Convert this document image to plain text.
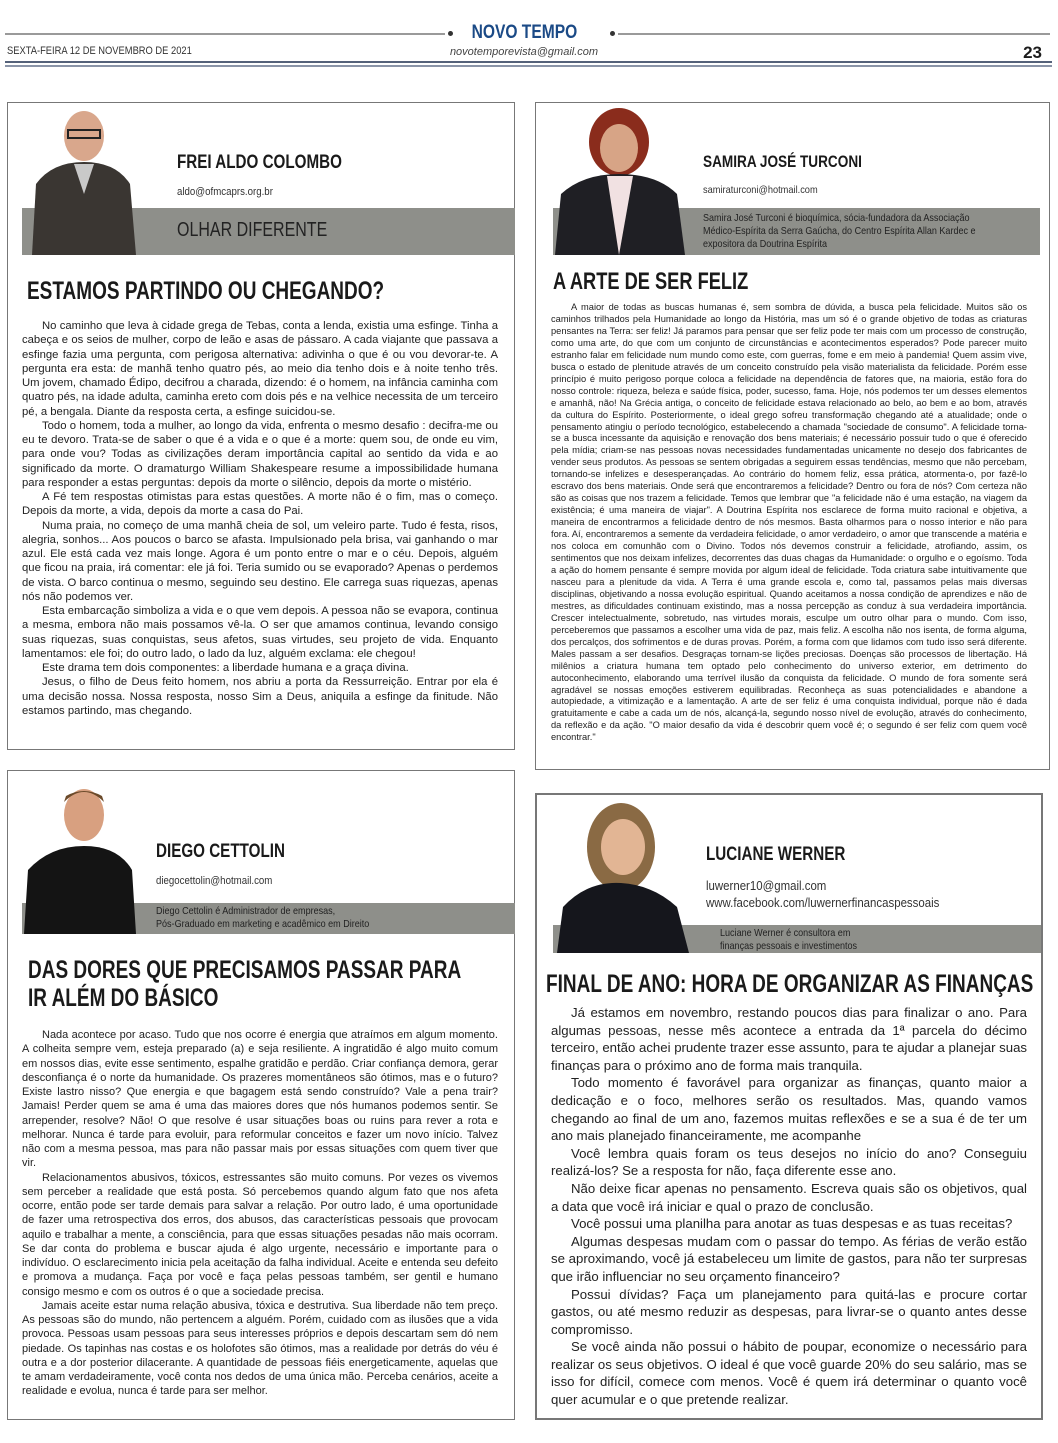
NOVO TEMPO
SEXTA-FEIRA 12 DE NOVEMBRO DE 2021	novotemporevista@gmail.com	23
FREI ALDO COLOMBO
aldo@ofmcaprs.org.br
OLHAR DIFERENTE
ESTAMOS PARTINDO OU CHEGANDO?

No caminho que leva à cidade grega de Tebas, conta a lenda, existia uma esfinge. Tinha a cabeça e os seios de mulher, corpo de leão e asas de pássaro. A cada viajante que passava a esfinge fazia uma pergunta, com perigosa alternativa: adivinha o que é ou vou devorar-te. A pergunta era esta: de manhã tenho quatro pés, ao meio dia tenho dois e à noite tenho três. Um jovem, chamado Édipo, decifrou a charada, dizendo: é o homem, na infância caminha com quatro pés, na idade adulta, caminha ereto com dois pés e na velhice necessita de um terceiro pé, a bengala. Diante da resposta certa, a esfinge suicidou-se.

Todo o homem, toda a mulher, ao longo da vida, enfrenta o mesmo desafio : decifra-me ou eu te devoro. Trata-se de saber o que é a vida e o que é a morte: quem sou, de onde eu vim, para onde vou? Todas as civilizações deram importância capital ao sentido da vida e ao significado da morte. O dramaturgo William Shakespeare resume a impossibilidade humana para responder a estas perguntas: depois da morte o silêncio, depois da morte o mistério.

A Fé tem respostas otimistas para estas questões. A morte não é o fim, mas o começo. Depois da morte, a vida, depois da morte a casa do Pai.

Numa praia, no começo de uma manhã cheia de sol, um veleiro parte. Tudo é festa, risos, alegria, sonhos... Aos poucos o barco se afasta. Impulsionado pela brisa, vai ganhando o mar azul. Ele está cada vez mais longe. Agora é um ponto entre o mar e o céu. Depois, alguém que ficou na praia, irá comentar: ele já foi. Teria sumido ou se evaporado? Apenas o perdemos de vista. O barco continua o mesmo, seguindo seu destino. Ele carrega suas riquezas, apenas nós não podemos ver.

Esta embarcação simboliza a vida e o que vem depois. A pessoa não se evapora, continua a mesma, embora não mais possamos vê-la. O ser que amamos continua, levando consigo suas riquezas, suas conquistas, seus afetos, suas virtudes, seu projeto de vida. Enquanto lamentamos: ele foi; do outro lado, o lado da luz, alguém exclama: ele chegou!

Este drama tem dois componentes: a liberdade humana e a graça divina.

Jesus, o filho de Deus feito homem, nos abriu a porta da Ressurreição. Entrar por ela é uma decisão nossa. Nossa resposta, nosso Sim a Deus, aniquila a esfinge da finitude. Não estamos partindo, mas chegando.

SAMIRA JOSÉ TURCONI
samiraturconi@hotmail.com
Samira José Turconi é bioquímica, sócia-fundadora da Associação
Médico-Espírita da Serra Gaúcha, do Centro Espírita Allan Kardec e
expositora da Doutrina Espírita
A ARTE DE SER FELIZ

A maior de todas as buscas humanas é, sem sombra de dúvida, a busca pela felicidade. Muitos são os caminhos trilhados pela Humanidade ao longo da História, mas um só é o grande objetivo de todas as criaturas pensantes na Terra: ser feliz! Já paramos para pensar que ser feliz pode ter mais com um processo de construção, como uma arte, do que com um conjunto de circunstâncias e acontecimentos esperados? Pode parecer muito estranho falar em felicidade num mundo como este, com guerras, fome e em meio à pandemia! Quem assim vive, busca o estado de plenitude através de um conceito construído pela visão materialista da felicidade. Porém esse princípio é muito perigoso porque coloca a felicidade na dependência de fatores que, na maioria, estão fora do nosso controle: riqueza, beleza e saúde física, poder, sucesso, fama. Hoje, nós podemos ter um desses elementos e amanhã, não! Na Grécia antiga, o conceito de felicidade estava relacionado ao belo, ao bem e ao bom, através da cultura do Espírito. Posteriormente, o ideal grego sofreu transformação chegando até a atualidade; onde o pensamento atingiu o período tecnológico, estabelecendo a chamada "sociedade de consumo". A felicidade torna-se a busca incessante da aquisição e renovação dos bens materiais; é necessário possuir tudo o que é oferecido pela mídia; criam-se nas pessoas novas necessidades fundamentadas unicamente no desejo dos fabricantes de vender seus produtos. As pessoas se sentem obrigadas a seguirem essas tendências, mesmo que não percebam, tornando-se infelizes e desesperançadas. Ao contrário do homem feliz, essa prática, atormenta-o, por fazê-lo escravo dos bens materiais. Onde será que encontraremos a felicidade? Dentro ou fora de nós? Com certeza não são as coisas que nos trazem a felicidade. Temos que lembrar que "a felicidade não é uma estação, na viagem da existência; é uma maneira de viajar". A Doutrina Espírita nos esclarece de forma muito racional e objetiva, a maneira de encontrarmos a felicidade dentro de nós mesmos. Basta olharmos para o nosso interior e não para fora. Aí, encontraremos a semente da verdadeira felicidade, o amor verdadeiro, o amor que transcende a matéria e nos coloca em comunhão com o Divino. Todos nós devemos construir a felicidade, atrofiando, assim, os sentimentos que nos deixam infelizes, decorrentes das duas chagas da Humanidade: o orgulho e o egoísmo. Toda a ação do homem pensante é sempre movida por algum ideal de felicidade. Toda criatura sabe intuitivamente que nasceu para a plenitude da vida. A Terra é uma grande escola e, como tal, passamos pelas mais diversas disciplinas, objetivando a nossa evolução espiritual. Quando aceitamos a nossa condição de aprendizes e não de mestres, as dificuldades continuam existindo, mas a nossa percepção as conduz à sua verdadeira importância. Crescer intelectualmente, sobretudo, nas virtudes morais, esculpe um outro olhar para o mundo. Com isso, perceberemos que passamos a escolher uma vida de paz, mais feliz. A escolha não nos isenta, de forma alguma, dos percalços, dos sofrimentos e de duras provas. Porém, a forma com que lidamos com tudo isso será diferente. Males passam a ser desafios. Desgraças tornam-se lições preciosas. Doenças são processos de libertação. Há milênios a criatura humana tem optado pelo conhecimento do universo exterior, em detrimento do autoconhecimento, elaborando uma terrível ilusão da conquista da felicidade. O mundo de fora somente será agradável se nossas emoções estiverem equilibradas. Reconheça as suas potencialidades e abandone a autopiedade, a vitimização e a lamentação. A arte de ser feliz é uma conquista individual, porque não é dada gratuitamente e cabe a cada um de nós, alcançá-la, segundo nosso nível de evolução, através do conhecimento, da reflexão e da ação. "O maior desafio da vida é descobrir quem você é; o segundo é ser feliz com quem você encontrar."

DIEGO CETTOLIN
diegocettolin@hotmail.com
Diego Cettolin é Administrador de empresas,
Pós-Graduado em marketing e acadêmico em Direito
DAS DORES QUE PRECISAMOS PASSAR PARA
IR ALÉM DO BÁSICO

Nada acontece por acaso. Tudo que nos ocorre é energia que atraímos em algum momento. A colheita sempre vem, esteja preparado (a) e seja resiliente. A ingratidão é algo muito comum em nossos dias, evite esse sentimento, espalhe gratidão e perdão. Criar confiança demora, gerar desconfiança é o norte da humanidade. Os prazeres momentâneos são ótimos, mas e o futuro? Existe lastro nisso? Que energia e que bagagem está sendo construído? Vale a pena trair? Jamais! Perder quem se ama é uma das maiores dores que nós humanos podemos sentir. Se arrepender, resolve? Não! O que resolve é usar situações boas ou ruins para rever a rota e melhorar. Nunca é tarde para evoluir, para reformular conceitos e fazer um novo início. Talvez não com a mesma pessoa, mas para não passar mais por essas situações com quem tiver que vir.

Relacionamentos abusivos, tóxicos, estressantes são muito comuns. Por vezes os vivemos sem perceber a realidade que está posta. Só percebemos quando algum fato que nos afeta ocorre, então pode ser tarde demais para salvar a relação. Por outro lado, é uma oportunidade de fazer uma retrospectiva dos erros, dos abusos, das características pessoais que provocam aquilo e trabalhar a mente, a consciência, para que essas situações pesadas não mais ocorram. Se dar conta do problema e buscar ajuda é algo urgente, necessário e importante para o indivíduo. O esclarecimento inicia pela aceitação da falha individual. Aceite e entenda seu defeito e promova a mudança. Faça por você e faça pelas pessoas também, ser gentil e humano consigo mesmo e com os outros é o que a sociedade precisa.

Jamais aceite estar numa relação abusiva, tóxica e destrutiva. Sua liberdade não tem preço. As pessoas são do mundo, não pertencem a alguém. Porém, cuidado com as ilusões que a vida provoca. Pessoas usam pessoas para seus interesses próprios e depois descartam sem dó nem piedade. Os tapinhas nas costas e os holofotes são ótimos, mas a realidade por detrás do véu é outra e a dor posterior dilacerante. A quantidade de pessoas fiéis energeticamente, aquelas que te amam verdadeiramente, você conta nos dedos de uma única mão. Perceba cenários, aceite a realidade e evolua, nunca é tarde para ser melhor.

LUCIANE WERNER
luwerner10@gmail.com
www.facebook.com/luwernerfinancaspessoais
Luciane Werner é consultora em
finanças pessoais e investimentos
FINAL DE ANO: HORA DE ORGANIZAR AS FINANÇAS

Já estamos em novembro, restando poucos dias para finalizar o ano. Para algumas pessoas, nesse mês acontece a entrada da 1ª parcela do décimo terceiro, então achei prudente trazer esse assunto, para te ajudar a planejar suas finanças para o próximo ano de forma mais tranquila.

Todo momento é favorável para organizar as finanças, quanto maior a dedicação e o foco, melhores serão os resultados. Mas, quando vamos chegando ao final de um ano, fazemos muitas reflexões e se a sua é de ter um ano mais planejado financeiramente, me acompanhe

Você lembra quais foram os teus desejos no início do ano? Conseguiu realizá-los? Se a resposta for não, faça diferente esse ano.

Não deixe ficar apenas no pensamento. Escreva quais são os objetivos, qual a data que você irá iniciar e qual o prazo de conclusão.

Você possui uma planilha para anotar as tuas despesas e as tuas receitas?

Algumas despesas mudam com o passar do tempo. As férias de verão estão se aproximando, você já estabeleceu um limite de gastos, para não ter surpresas que irão influenciar no seu orçamento financeiro?

Possui dívidas? Faça um planejamento para quitá-las e procure cortar gastos, ou até mesmo reduzir as despesas, para livrar-se o quanto antes desse compromisso.

Se você ainda não possui o hábito de poupar, economize o necessário para realizar os seus objetivos. O ideal é que você guarde 20% do seu salário, mas se isso for difícil, comece com menos. Você é quem irá determinar o quanto você quer acumular e o que pretende realizar.
